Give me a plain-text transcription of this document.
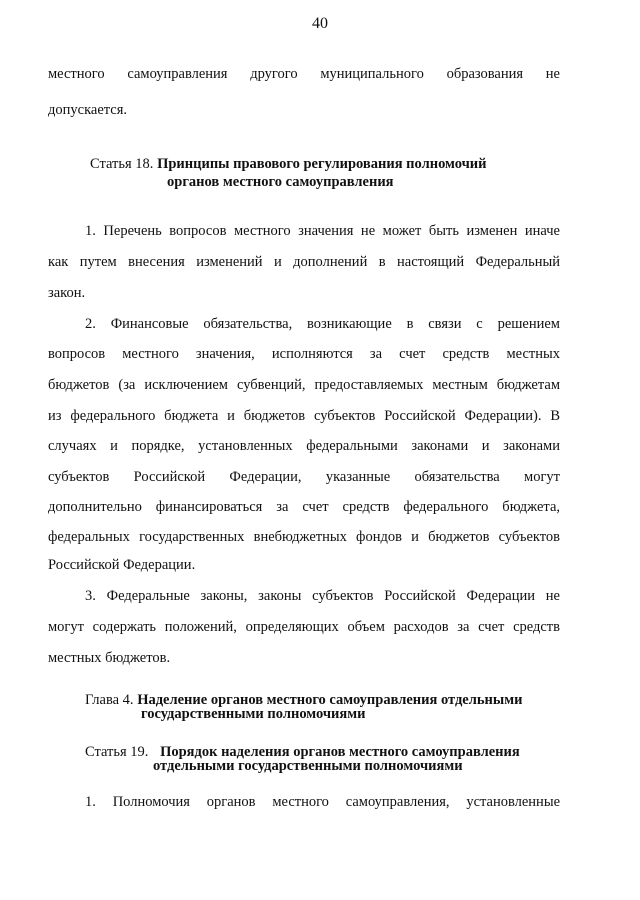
40
местного самоуправления другого муниципального образования не
допускается.
Статья 18. Принципы правового регулирования полномочий
органов местного самоуправления
1. Перечень вопросов местного значения не может быть изменен иначе
как путем внесения изменений и дополнений в настоящий Федеральный
закон.
2. Финансовые обязательства, возникающие в связи с решением
вопросов местного значения, исполняются за счет средств местных
бюджетов (за исключением субвенций, предоставляемых местным бюджетам
из федерального бюджета и бюджетов субъектов Российской Федерации). В
случаях и порядке, установленных федеральными законами и законами
субъектов Российской Федерации, указанные обязательства могут
дополнительно финансироваться за счет средств федерального бюджета,
федеральных государственных внебюджетных фондов и бюджетов субъектов
Российской Федерации.
3. Федеральные законы, законы субъектов Российской Федерации не
могут содержать положений, определяющих объем расходов за счет средств
местных бюджетов.
Глава 4. Наделение органов местного самоуправления отдельными
государственными полномочиями
Статья 19. Порядок наделения органов местного самоуправления
отдельными государственными полномочиями
1. Полномочия органов местного самоуправления, установленные
